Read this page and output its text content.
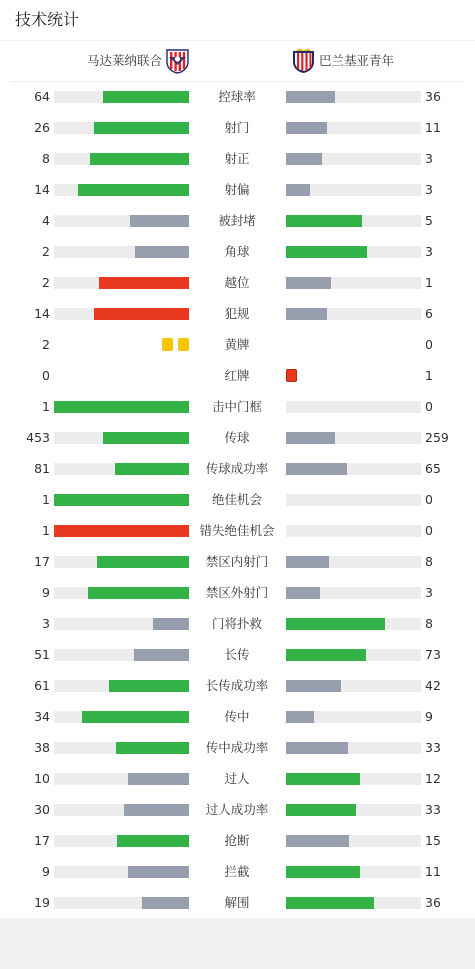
技术统计
马达莱纳联合	巴兰基亚青年
64	控球率	36
26	射门	11
8	射正	3
14	射偏	3
4	被封堵	5
2	角球	3
2	越位	1
14	犯规	6
2	黄牌	0
0	红牌	1
1	击中门框	0
453	传球	259
81	传球成功率	65
1	绝佳机会	0
1	错失绝佳机会	0
17	禁区内射门	8
9	禁区外射门	3
3	门将扑救	8
51	长传	73
61	长传成功率	42
34	传中	9
38	传中成功率	33
10	过人	12
30	过人成功率	33
17	抢断	15
9	拦截	11
19	解围	36
